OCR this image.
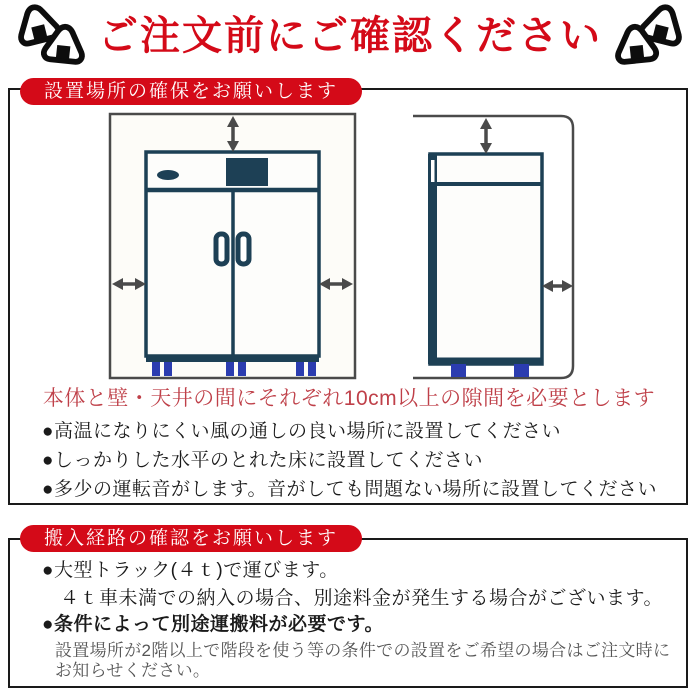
ご注文前にご確認ください
設置場所の確保をお願いします

本体と壁・天井の間にそれぞれ10cm以上の隙間を必要とします

●高温になりにくい風の通しの良い場所に設置してください
●しっかりした水平のとれた床に設置してください
●多少の運転音がします。音がしても問題ない場所に設置してください
搬入経路の確認をお願いします

●大型トラック(４ｔ)で運びます。

４ｔ車未満での納入の場合、別途料金が発生する場合がございます。

●条件によって別途運搬料が必要です。

設置場所が2階以上で階段を使う等の条件での設置をご希望の場合はご注文時にお知らせください。
